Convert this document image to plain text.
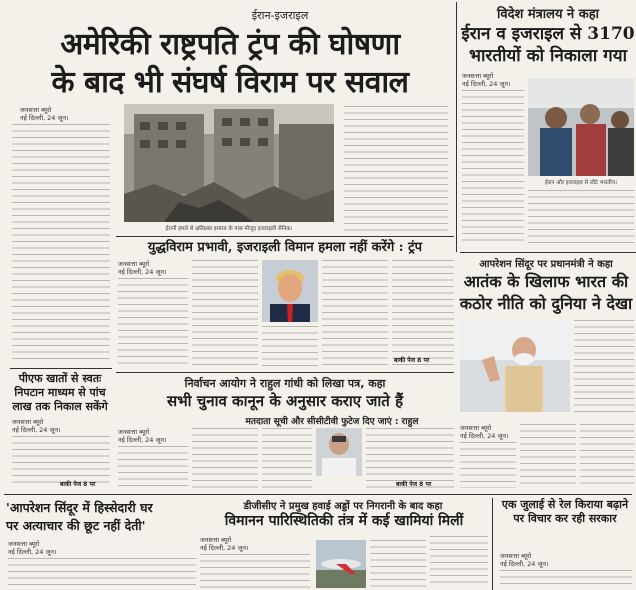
ईरान-इजराइल
अमेरिकी राष्ट्रपति ट्रंप की घोषणा
के बाद भी संघर्ष विराम पर सवाल
जनसत्ता ब्यूरो
नई दिल्ली, 24 जून।
ईरानी हमले से क्षतिग्रस्त इमारत के पास मौजूद इजराइली सैनिक।
विदेश मंत्रालय ने कहा
ईरान व इजराइल से 3170
भारतीयों को निकाला गया
जनसत्ता ब्यूरो
नई दिल्ली, 24 जून।
ईरान और इजराइल से लौटे भारतीय।
युद्धविराम प्रभावी, इजराइली विमान हमला नहीं करेंगे : ट्रंप
जनसत्ता ब्यूरो
नई दिल्ली, 24 जून।
बाकी पेज 8 पर
आपरेशन सिंदूर पर प्रधानमंत्री ने कहा
आतंक के खिलाफ भारत की
कठोर नीति को दुनिया ने देखा
जनसत्ता ब्यूरो
नई दिल्ली, 24 जून।
पीएफ खातों से स्वतः निपटान माध्यम से पांच लाख तक निकाल सकेंगे
जनसत्ता ब्यूरो
नई दिल्ली, 24 जून।
बाकी पेज 8 पर
निर्वाचन आयोग ने राहुल गांधी को लिखा पत्र, कहा
सभी चुनाव कानून के अनुसार कराए जाते हैं
मतदाता सूची और सीसीटीवी फुटेज दिए जाएं : राहुल
जनसत्ता ब्यूरो
नई दिल्ली, 24 जून।
बाकी पेज 8 पर
'आपरेशन सिंदूर में हिस्सेदारी घर
पर अत्याचार की छूट नहीं देती'
जनसत्ता ब्यूरो
नई दिल्ली, 24 जून।
डीजीसीए ने प्रमुख हवाई अड्डों पर निगरानी के बाद कहा
विमानन पारिस्थितिकी तंत्र में कई खामियां मिलीं
जनसत्ता ब्यूरो
नई दिल्ली, 24 जून।
एक जुलाई से रेल किराया बढ़ाने पर विचार कर रही सरकार
जनसत्ता ब्यूरो
नई दिल्ली, 24 जून।
